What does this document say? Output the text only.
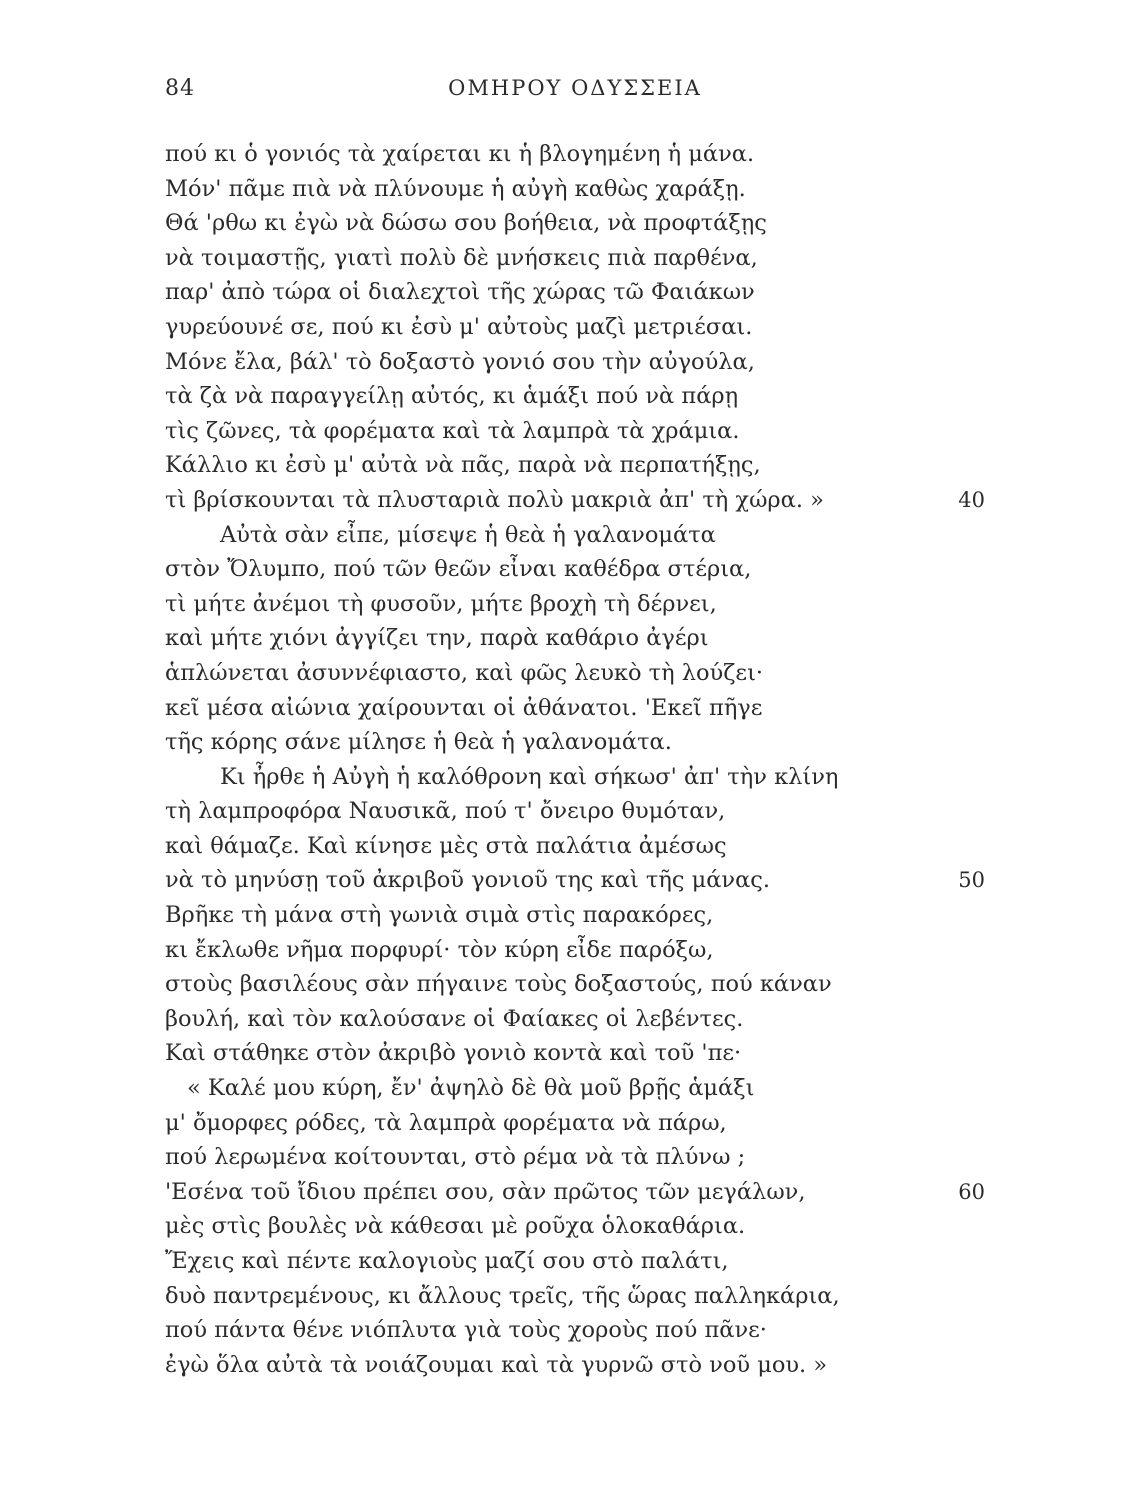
84	ΟΜΗΡΟΥ ΟΔΥΣΣΕΙΑ
πού κι ὁ γονιός τὰ χαίρεται κι ἡ βλογημένη ἡ μάνα.
Μόν' πᾶμε πιὰ νὰ πλύνουμε ἡ αὐγὴ καθὼς χαράξῃ.
Θά 'ρθω κι ἐγὼ νὰ δώσω σου βοήθεια, νὰ προφτάξῃς
νὰ τοιμαστῇς, γιατὶ πολὺ δὲ μνήσκεις πιὰ παρθένα,
παρ' ἀπὸ τώρα οἱ διαλεχτοὶ τῆς χώρας τῶ Φαιάκων
γυρεύουνέ σε, πού κι ἐσὺ μ' αὐτοὺς μαζὶ μετριέσαι.
Μόνε ἔλα, βάλ' τὸ δοξαστὸ γονιό σου τὴν αὐγούλα,
τὰ ζὰ νὰ παραγγείλῃ αὐτός, κι ἁμάξι πού νὰ πάρῃ
τὶς ζῶνες, τὰ φορέματα καὶ τὰ λαμπρὰ τὰ χράμια.
Κάλλιο κι ἐσὺ μ' αὐτὰ νὰ πᾶς, παρὰ νὰ περπατήξῃς,
τὶ βρίσκουνται τὰ πλυσταριὰ πολὺ μακριὰ ἀπ' τὴ χώρα. »	40
Αὐτὰ σὰν εἶπε, μίσεψε ἡ θεὰ ἡ γαλανομάτα
στὸν Ὄλυμπο, πού τῶν θεῶν εἶναι καθέδρα στέρια,
τὶ μήτε ἀνέμοι τὴ φυσοῦν, μήτε βροχὴ τὴ δέρνει,
καὶ μήτε χιόνι ἀγγίζει την, παρὰ καθάριο ἀγέρι
ἁπλώνεται ἀσυννέφιαστο, καὶ φῶς λευκὸ τὴ λούζει·
κεῖ μέσα αἰώνια χαίρουνται οἱ ἀθάνατοι. 'Εκεῖ πῆγε
τῆς κόρης σάνε μίλησε ἡ θεὰ ἡ γαλανομάτα.
Κι ἦρθε ἡ Αὐγὴ ἡ καλόθρονη καὶ σήκωσ' ἀπ' τὴν κλίνη
τὴ λαμπροφόρα Ναυσικᾶ, πού τ' ὄνειρο θυμόταν,
καὶ θάμαζε. Καὶ κίνησε μὲς στὰ παλάτια ἀμέσως
νὰ τὸ μηνύσῃ τοῦ ἀκριβοῦ γονιοῦ της καὶ τῆς μάνας.	50
Βρῆκε τὴ μάνα στὴ γωνιὰ σιμὰ στὶς παρακόρες,
κι ἔκλωθε νῆμα πορφυρί· τὸν κύρη εἶδε παρόξω,
στοὺς βασιλέους σὰν πήγαινε τοὺς δοξαστούς, πού κάναν
βουλή, καὶ τὸν καλούσανε οἱ Φαίακες οἱ λεβέντες.
Καὶ στάθηκε στὸν ἀκριβὸ γονιὸ κοντὰ καὶ τοῦ 'πε·
« Καλέ μου κύρη, ἔν' ἀψηλὸ δὲ θὰ μοῦ βρῇς ἁμάξι
μ' ὄμορφες ρόδες, τὰ λαμπρὰ φορέματα νὰ πάρω,
πού λερωμένα κοίτουνται, στὸ ρέμα νὰ τὰ πλύνω ;
'Εσένα τοῦ ἴδιου πρέπει σου, σὰν πρῶτος τῶν μεγάλων,	60
μὲς στὶς βουλὲς νὰ κάθεσαι μὲ ροῦχα ὁλοκαθάρια.
Ἔχεις καὶ πέντε καλογιοὺς μαζί σου στὸ παλάτι,
δυὸ παντρεμένους, κι ἄλλους τρεῖς, τῆς ὥρας παλληκάρια,
πού πάντα θένε νιόπλυτα γιὰ τοὺς χοροὺς πού πᾶνε·
ἐγὼ ὅλα αὐτὰ τὰ νοιάζουμαι καὶ τὰ γυρνῶ στὸ νοῦ μου. »
